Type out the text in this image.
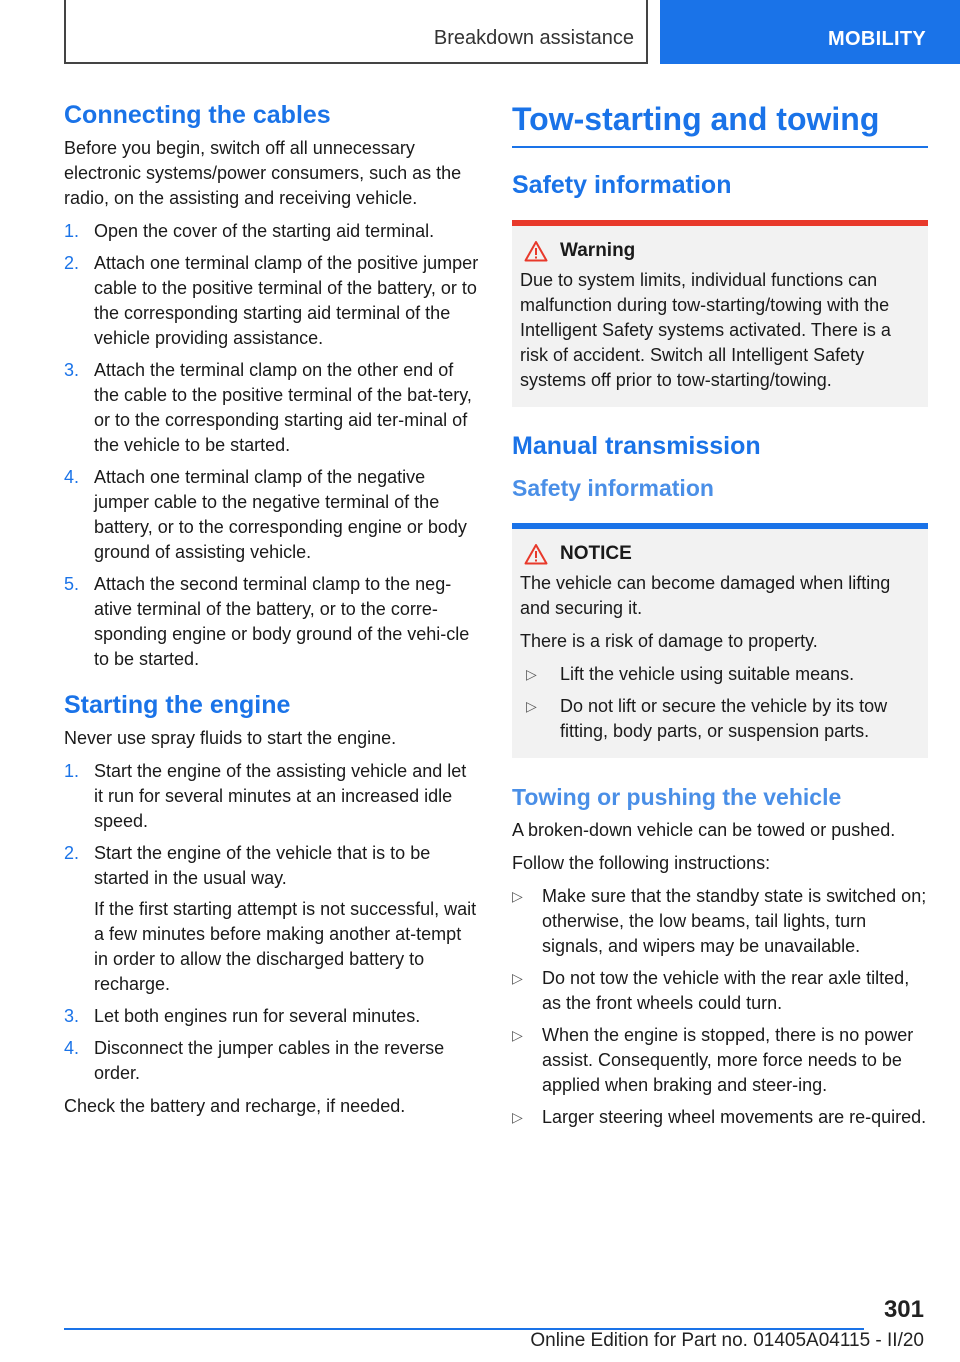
Breakdown assistance	MOBILITY
Connecting the cables

Before you begin, switch off all unnecessary electronic systems/power consumers, such as the radio, on the assisting and receiving vehicle.

1. Open the cover of the starting aid terminal.
2. Attach one terminal clamp of the positive jumper cable to the positive terminal of the battery, or to the corresponding starting aid terminal of the vehicle providing assistance.
3. Attach the terminal clamp on the other end of the cable to the positive terminal of the bat‐tery, or to the corresponding starting aid ter‐minal of the vehicle to be started.
4. Attach one terminal clamp of the negative jumper cable to the negative terminal of the battery, or to the corresponding engine or body ground of assisting vehicle.
5. Attach the second terminal clamp to the neg‐ative terminal of the battery, or to the corre‐sponding engine or body ground of the vehi‐cle to be started.
Starting the engine

Never use spray fluids to start the engine.

1. Start the engine of the assisting vehicle and let it run for several minutes at an increased idle speed.
2. Start the engine of the vehicle that is to be started in the usual way.
If the first starting attempt is not successful, wait a few minutes before making another at‐tempt in order to allow the discharged battery to recharge.
3. Let both engines run for several minutes.
4. Disconnect the jumper cables in the reverse order.

Check the battery and recharge, if needed.

Tow-starting and towing
Safety information
Warning

Due to system limits, individual functions can malfunction during tow-starting/towing with the Intelligent Safety systems activated. There is a risk of accident. Switch all Intelligent Safety systems off prior to tow-starting/towing.

Manual transmission
Safety information
NOTICE

The vehicle can become damaged when lifting and securing it.

There is a risk of damage to property.

▷ Lift the vehicle using suitable means.
▷ Do not lift or secure the vehicle by its tow fitting, body parts, or suspension parts.
Towing or pushing the vehicle

A broken-down vehicle can be towed or pushed.

Follow the following instructions:

▷ Make sure that the standby state is switched on; otherwise, the low beams, tail lights, turn signals, and wipers may be unavailable.
▷ Do not tow the vehicle with the rear axle tilted, as the front wheels could turn.
▷ When the engine is stopped, there is no power assist. Consequently, more force needs to be applied when braking and steer‐ing.
▷ Larger steering wheel movements are re‐quired.
301
Online Edition for Part no. 01405A04115 - II/20
